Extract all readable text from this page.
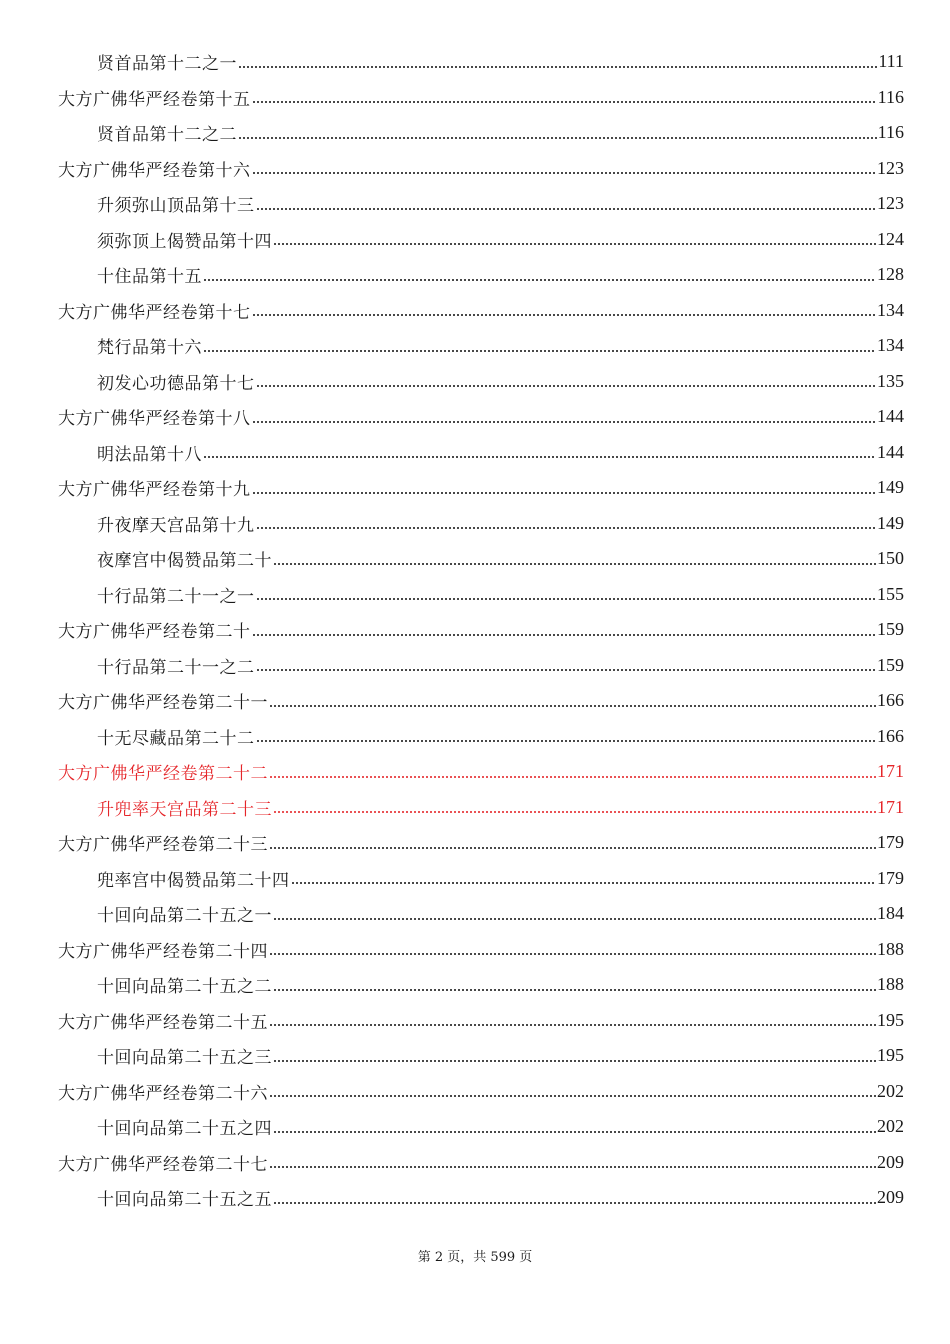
贤首品第十二之一	111
大方广佛华严经卷第十五	116
贤首品第十二之二	116
大方广佛华严经卷第十六	123
升须弥山顶品第十三	123
须弥顶上偈赞品第十四	124
十住品第十五	128
大方广佛华严经卷第十七	134
梵行品第十六	134
初发心功德品第十七	135
大方广佛华严经卷第十八	144
明法品第十八	144
大方广佛华严经卷第十九	149
升夜摩天宫品第十九	149
夜摩宫中偈赞品第二十	150
十行品第二十一之一	155
大方广佛华严经卷第二十	159
十行品第二十一之二	159
大方广佛华严经卷第二十一	166
十无尽藏品第二十二	166
大方广佛华严经卷第二十二	171
升兜率天宫品第二十三	171
大方广佛华严经卷第二十三	179
兜率宫中偈赞品第二十四	179
十回向品第二十五之一	184
大方广佛华严经卷第二十四	188
十回向品第二十五之二	188
大方广佛华严经卷第二十五	195
十回向品第二十五之三	195
大方广佛华严经卷第二十六	202
十回向品第二十五之四	202
大方广佛华严经卷第二十七	209
十回向品第二十五之五	209
第 2 页，共 599 页
